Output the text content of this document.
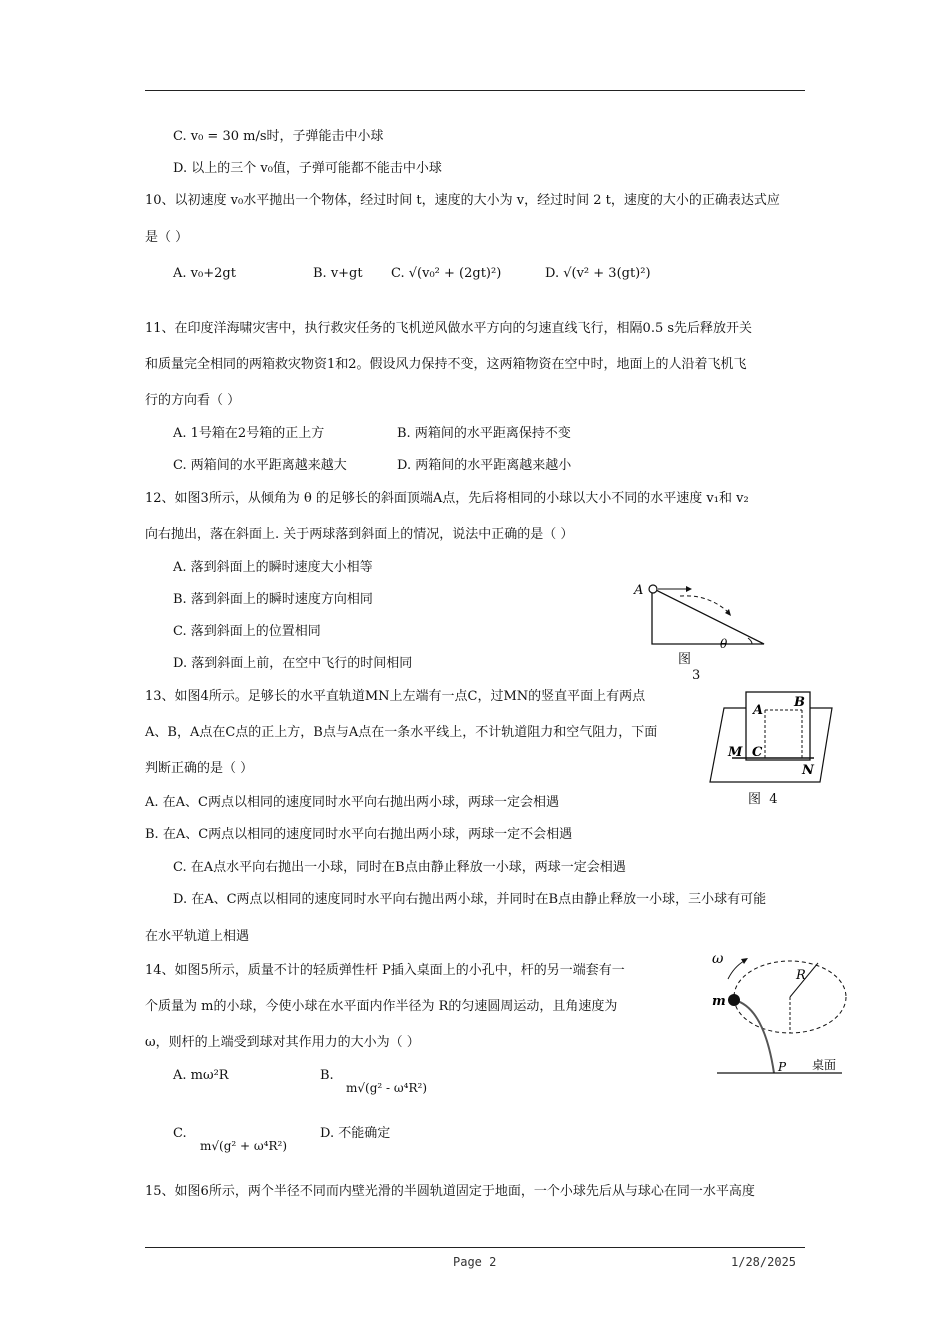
C. v₀ = 30 m/s时，子弹能击中小球
D. 以上的三个 v₀值，子弹可能都不能击中小球
10、以初速度 v₀水平抛出一个物体，经过时间 t，速度的大小为 v，经过时间 2 t，速度的大小的正确表达式应
是（ ）
A. v₀+2gt	B. v+gt C. √(v₀² + (2gt)²)	D. √(v² + 3(gt)²)
11、在印度洋海啸灾害中，执行救灾任务的飞机逆风做水平方向的匀速直线飞行，相隔0.5 s先后释放开关
和质量完全相同的两箱救灾物资1和2。假设风力保持不变，这两箱物资在空中时，地面上的人沿着飞机飞
行的方向看（ ）
A. 1号箱在2号箱的正上方	B. 两箱间的水平距离保持不变
C. 两箱间的水平距离越来越大	D. 两箱间的水平距离越来越小
12、如图3所示，从倾角为 θ 的足够长的斜面顶端A点，先后将相同的小球以大小不同的水平速度 v₁和 v₂
向右抛出，落在斜面上. 关于两球落到斜面上的情况，说法中正确的是（ ）
A. 落到斜面上的瞬时速度大小相等
B. 落到斜面上的瞬时速度方向相同
C. 落到斜面上的位置相同
D. 落到斜面上前，在空中飞行的时间相同
A
θ
图
3
13、如图4所示。足够长的水平直轨道MN上左端有一点C，过MN的竖直平面上有两点
A、B，A点在C点的正上方，B点与A点在一条水平线上，不计轨道阻力和空气阻力，下面
判断正确的是（ ）
A. 在A、C两点以相同的速度同时水平向右抛出两小球，两球一定会相遇
B. 在A、C两点以相同的速度同时水平向右抛出两小球，两球一定不会相遇
C. 在A点水平向右抛出一小球，同时在B点由静止释放一小球，两球一定会相遇
D. 在A、C两点以相同的速度同时水平向右抛出两小球，并同时在B点由静止释放一小球，三小球有可能
在水平轨道上相遇
A
B
M C
N
图  4
14、如图5所示，质量不计的轻质弹性杆 P插入桌面上的小孔中，杆的另一端套有一
个质量为 m的小球，今使小球在水平面内作半径为 R的匀速圆周运动，且角速度为
ω，则杆的上端受到球对其作用力的大小为（ ）
A. mω²R	B.
m√(g² - ω⁴R²)
C.
m√(g² + ω⁴R²)
D. 不能确定
ω
R
m
P 桌面
15、如图6所示，两个半径不同而内壁光滑的半圆轨道固定于地面，一个小球先后从与球心在同一水平高度
Page 2	1/28/2025
